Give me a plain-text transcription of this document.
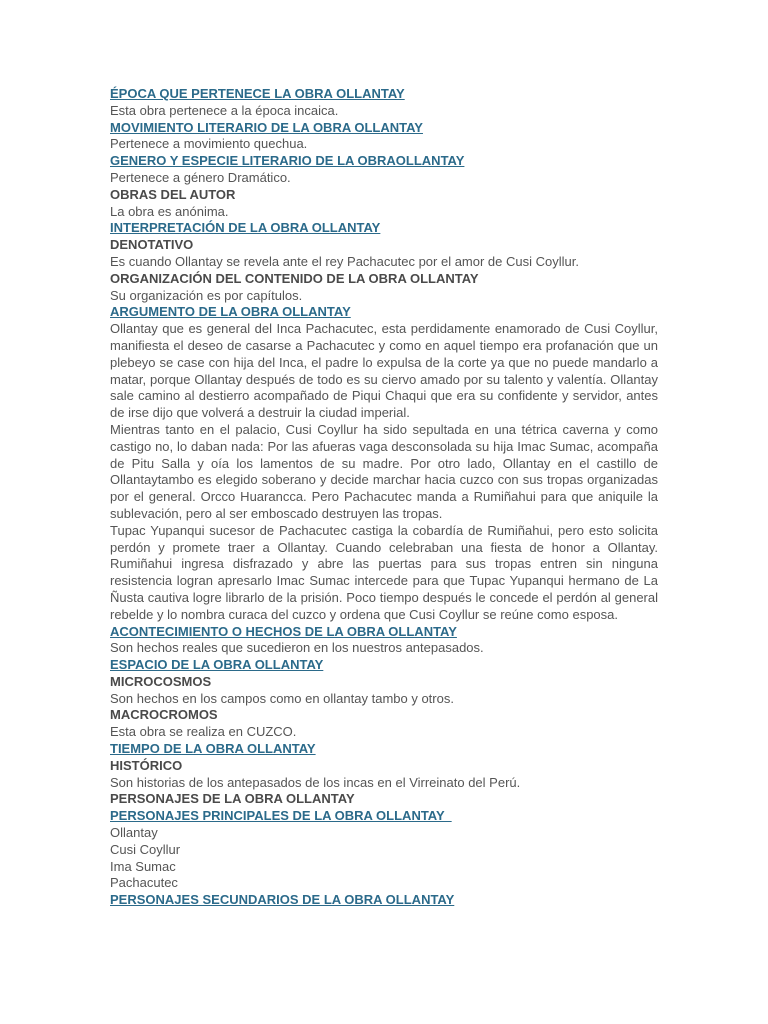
ÉPOCA QUE PERTENECE LA OBRA OLLANTAY
Esta obra pertenece a la época incaica.
MOVIMIENTO LITERARIO DE LA OBRA OLLANTAY
Pertenece a movimiento quechua.
GENERO Y ESPECIE LITERARIO DE LA OBRAOLLANTAY
Pertenece a género Dramático.
OBRAS DEL AUTOR
La obra es anónima.
INTERPRETACIÓN DE LA OBRA OLLANTAY
DENOTATIVO
Es cuando Ollantay se revela ante el rey Pachacutec por el amor de Cusi Coyllur.
ORGANIZACIÓN DEL CONTENIDO DE LA OBRA OLLANTAY
Su organización es por capítulos.
ARGUMENTO DE LA OBRA OLLANTAY
Ollantay que es general del Inca Pachacutec, esta perdidamente enamorado de Cusi Coyllur, manifiesta el deseo de casarse a Pachacutec y como en aquel tiempo era profanación que un plebeyo se case con hija del Inca, el padre lo expulsa de la corte ya que no puede mandarlo a matar, porque Ollantay después de todo es su ciervo amado por su talento y valentía. Ollantay sale camino al destierro acompañado de Piqui Chaqui que era su confidente y servidor, antes de irse dijo que volverá a destruir la ciudad imperial.
Mientras tanto en el palacio, Cusi Coyllur ha sido sepultada en una tétrica caverna y como castigo no, lo daban nada: Por las afueras vaga desconsolada su hija Imac Sumac, acompaña de Pitu Salla y oía los lamentos de su madre. Por otro lado, Ollantay en el castillo de Ollantaytambo es elegido soberano y decide marchar hacia cuzco con sus tropas organizadas por el general. Orcco Huarancca. Pero Pachacutec manda a Rumiñahui para que aniquile la sublevación, pero al ser emboscado destruyen las tropas.
Tupac Yupanqui sucesor de Pachacutec castiga la cobardía de Rumiñahui, pero esto solicita perdón y promete traer a Ollantay. Cuando celebraban una fiesta de honor a Ollantay. Rumiñahui ingresa disfrazado y abre las puertas para sus tropas entren sin ninguna resistencia logran apresarlo Imac Sumac intercede para que Tupac Yupanqui hermano de La Ñusta cautiva logre librarlo de la prisión. Poco tiempo después le concede el perdón al general rebelde y lo nombra curaca del cuzco y ordena que Cusi Coyllur se reúne como esposa.
ACONTECIMIENTO O HECHOS DE LA OBRA OLLANTAY
Son hechos reales que sucedieron en los nuestros antepasados.
ESPACIO DE LA OBRA OLLANTAY
MICROCOSMOS
Son hechos en los campos como en ollantay tambo y otros.
MACROCROMOS
Esta obra se realiza en CUZCO.
TIEMPO DE LA OBRA OLLANTAY
HISTÓRICO
Son historias de los antepasados de los incas en el Virreinato del Perú.
PERSONAJES DE LA OBRA OLLANTAY
PERSONAJES PRINCIPALES DE LA OBRA OLLANTAY
Ollantay
Cusi Coyllur
Ima Sumac
Pachacutec
PERSONAJES SECUNDARIOS DE LA OBRA OLLANTAY
